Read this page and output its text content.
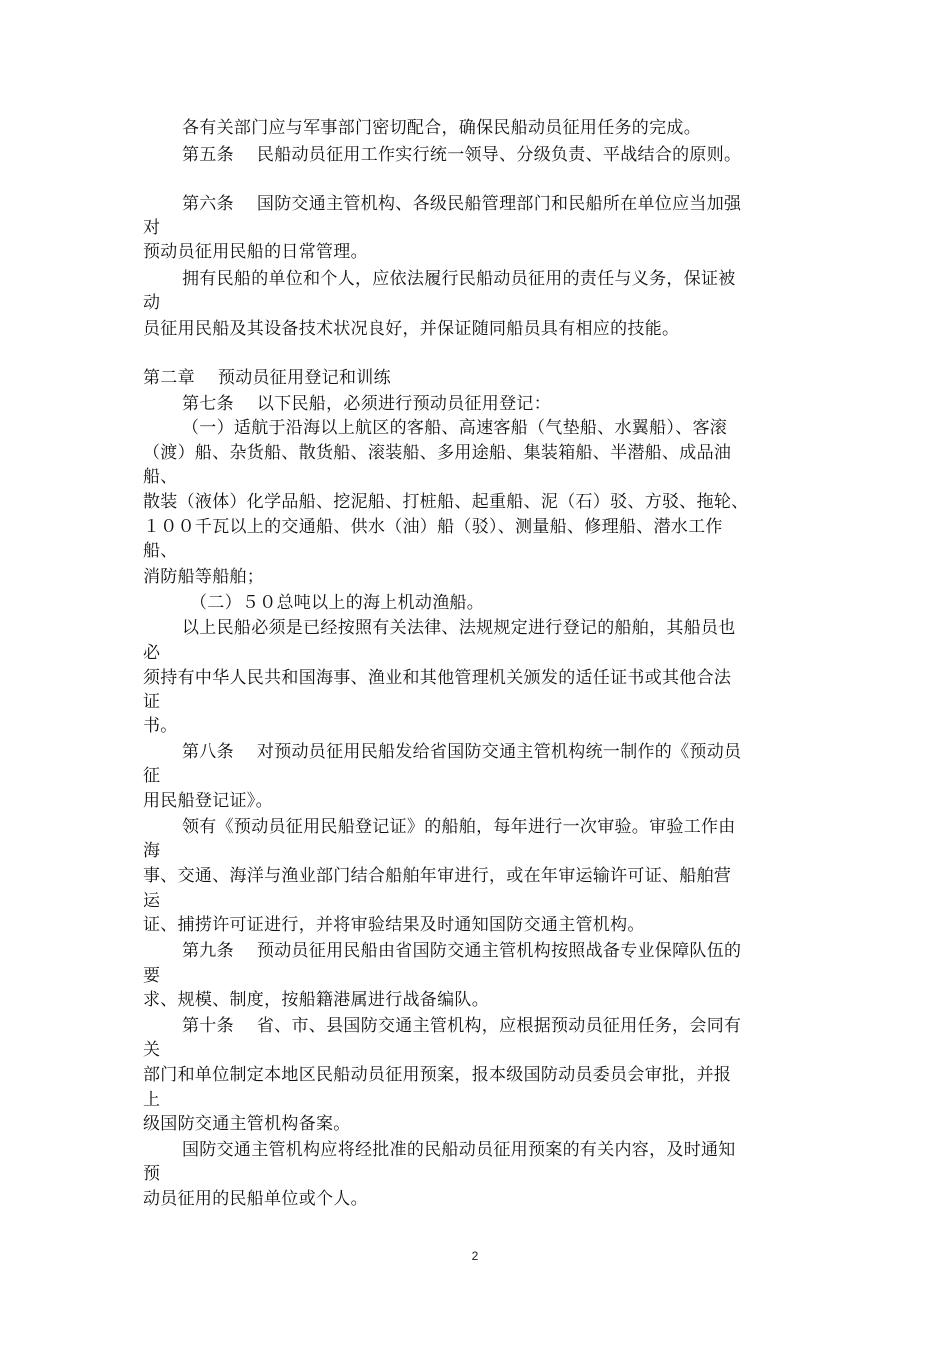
各有关部门应与军事部门密切配合，确保民船动员征用任务的完成。
第五条　 民船动员征用工作实行统一领导、分级负责、平战结合的原则。
第六条　 国防交通主管机构、各级民船管理部门和民船所在单位应当加强
对
预动员征用民船的日常管理。
拥有民船的单位和个人，应依法履行民船动员征用的责任与义务，保证被
动
员征用民船及其设备技术状况良好，并保证随同船员具有相应的技能。
第二章　 预动员征用登记和训练
第七条　 以下民船，必须进行预动员征用登记：
（一）适航于沿海以上航区的客船、高速客船（气垫船、水翼船）、客滚
（渡）船、杂货船、散货船、滚装船、多用途船、集装箱船、半潜船、成品油
船、
散装（液体）化学品船、挖泥船、打桩船、起重船、泥（石）驳、方驳、拖轮、
１００千瓦以上的交通船、供水（油）船（驳）、测量船、修理船、潜水工作
船、
消防船等船舶；
（二）５０总吨以上的海上机动渔船。
以上民船必须是已经按照有关法律、法规规定进行登记的船舶，其船员也
必
须持有中华人民共和国海事、渔业和其他管理机关颁发的适任证书或其他合法
证
书。
第八条　 对预动员征用民船发给省国防交通主管机构统一制作的《预动员
征
用民船登记证》。
领有《预动员征用民船登记证》的船舶，每年进行一次审验。审验工作由
海
事、交通、海洋与渔业部门结合船舶年审进行，或在年审运输许可证、船舶营
运
证、捕捞许可证进行，并将审验结果及时通知国防交通主管机构。
第九条　 预动员征用民船由省国防交通主管机构按照战备专业保障队伍的
要
求、规模、制度，按船籍港属进行战备编队。
第十条　 省、市、县国防交通主管机构，应根据预动员征用任务，会同有
关
部门和单位制定本地区民船动员征用预案，报本级国防动员委员会审批，并报
上
级国防交通主管机构备案。
国防交通主管机构应将经批准的民船动员征用预案的有关内容，及时通知
预
动员征用的民船单位或个人。
2
